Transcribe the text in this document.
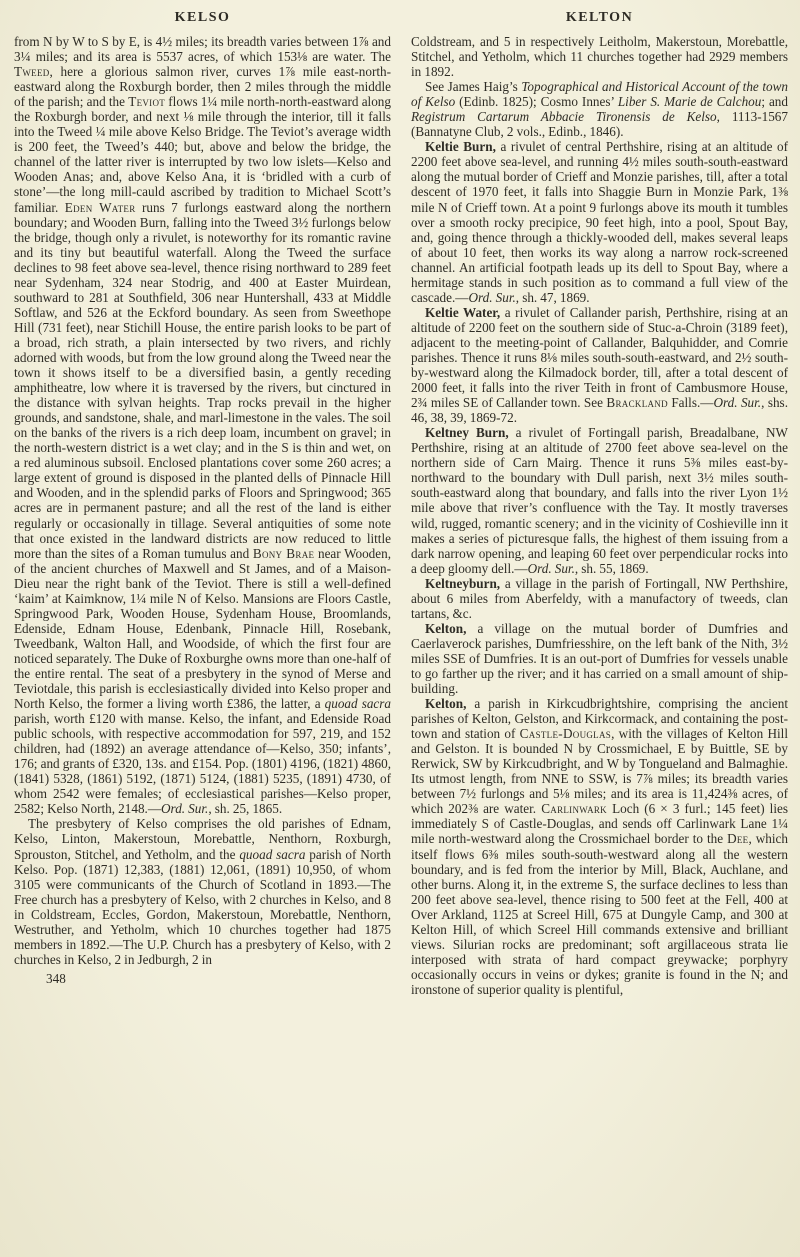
KELSO

from N by W to S by E, is 4½ miles; its breadth varies between 1⅞ and 3¼ miles; and its area is 5537 acres, of which 153⅛ are water. The Tweed, here a glorious salmon river, curves 1⅞ mile east-north-eastward along the Roxburgh border, then 2 miles through the middle of the parish; and the Teviot flows 1¼ mile north-north-eastward along the Roxburgh border, and next ⅛ mile through the interior, till it falls into the Tweed ¼ mile above Kelso Bridge. The Teviot’s average width is 200 feet, the Tweed’s 440; but, above and below the bridge, the channel of the latter river is interrupted by two low islets—Kelso and Wooden Anas; and, above Kelso Ana, it is ‘bridled with a curb of stone’—the long mill-cauld ascribed by tradition to Michael Scott’s familiar. Eden Water runs 7 furlongs eastward along the northern boundary; and Wooden Burn, falling into the Tweed 3½ furlongs below the bridge, though only a rivulet, is noteworthy for its romantic ravine and its tiny but beautiful waterfall. Along the Tweed the surface declines to 98 feet above sea-level, thence rising northward to 289 feet near Sydenham, 324 near Stodrig, and 400 at Easter Muirdean, southward to 281 at Southfield, 306 near Huntershall, 433 at Middle Softlaw, and 526 at the Eckford boundary. As seen from Sweethope Hill (731 feet), near Stichill House, the entire parish looks to be part of a broad, rich strath, a plain intersected by two rivers, and richly adorned with woods, but from the low ground along the Tweed near the town it shows itself to be a diversified basin, a gently receding amphitheatre, low where it is traversed by the rivers, but cinctured in the distance with sylvan heights. Trap rocks prevail in the higher grounds, and sandstone, shale, and marl-limestone in the vales. The soil on the banks of the rivers is a rich deep loam, incumbent on gravel; in the north-western district is a wet clay; and in the S is thin and wet, on a red aluminous subsoil. Enclosed plantations cover some 260 acres; a large extent of ground is disposed in the planted dells of Pinnacle Hill and Wooden, and in the splendid parks of Floors and Springwood; 365 acres are in permanent pasture; and all the rest of the land is either regularly or occasionally in tillage. Several antiquities of some note that once existed in the landward districts are now reduced to little more than the sites of a Roman tumulus and Bony Brae near Wooden, of the ancient churches of Maxwell and St James, and of a Maison-Dieu near the right bank of the Teviot. There is still a well-defined ‘kaim’ at Kaimknow, 1¼ mile N of Kelso. Mansions are Floors Castle, Springwood Park, Wooden House, Sydenham House, Broomlands, Edenside, Ednam House, Edenbank, Pinnacle Hill, Rosebank, Tweedbank, Walton Hall, and Woodside, of which the first four are noticed separately. The Duke of Roxburghe owns more than one-half of the entire rental. The seat of a presbytery in the synod of Merse and Teviotdale, this parish is ecclesiastically divided into Kelso proper and North Kelso, the former a living worth £386, the latter, a quoad sacra parish, worth £120 with manse. Kelso, the infant, and Edenside Road public schools, with respective accommodation for 597, 219, and 152 children, had (1892) an average attendance of—Kelso, 350; infants’, 176; and grants of £320, 13s. and £154. Pop. (1801) 4196, (1821) 4860, (1841) 5328, (1861) 5192, (1871) 5124, (1881) 5235, (1891) 4730, of whom 2542 were females; of ecclesiastical parishes—Kelso proper, 2582; Kelso North, 2148.—Ord. Sur., sh. 25, 1865.

The presbytery of Kelso comprises the old parishes of Ednam, Kelso, Linton, Makerstoun, Morebattle, Nenthorn, Roxburgh, Sprouston, Stitchel, and Yetholm, and the quoad sacra parish of North Kelso. Pop. (1871) 12,383, (1881) 12,061, (1891) 10,950, of whom 3105 were communicants of the Church of Scotland in 1893.—The Free church has a presbytery of Kelso, with 2 churches in Kelso, and 8 in Coldstream, Eccles, Gordon, Makerstoun, Morebattle, Nenthorn, Westruther, and Yetholm, which 10 churches together had 1875 members in 1892.—The U.P. Church has a presbytery of Kelso, with 2 churches in Kelso, 2 in Jedburgh, 2 in

348
KELTON

Coldstream, and 5 in respectively Leitholm, Makerstoun, Morebattle, Stitchel, and Yetholm, which 11 churches together had 2929 members in 1892.

See James Haig’s Topographical and Historical Account of the town of Kelso (Edinb. 1825); Cosmo Innes’ Liber S. Marie de Calchou; and Registrum Cartarum Abbacie Tironensis de Kelso, 1113-1567 (Bannatyne Club, 2 vols., Edinb., 1846).

Keltie Burn, a rivulet of central Perthshire, rising at an altitude of 2200 feet above sea-level, and running 4½ miles south-south-eastward along the mutual border of Crieff and Monzie parishes, till, after a total descent of 1970 feet, it falls into Shaggie Burn in Monzie Park, 1⅜ mile N of Crieff town. At a point 9 furlongs above its mouth it tumbles over a smooth rocky precipice, 90 feet high, into a pool, Spout Bay, and, going thence through a thickly-wooded dell, makes several leaps of about 10 feet, then works its way along a narrow rock-screened channel. An artificial footpath leads up its dell to Spout Bay, where a hermitage stands in such position as to command a full view of the cascade.—Ord. Sur., sh. 47, 1869.

Keltie Water, a rivulet of Callander parish, Perthshire, rising at an altitude of 2200 feet on the southern side of Stuc-a-Chroin (3189 feet), adjacent to the meeting-point of Callander, Balquhidder, and Comrie parishes. Thence it runs 8⅛ miles south-south-eastward, and 2½ south-by-westward along the Kilmadock border, till, after a total descent of 2000 feet, it falls into the river Teith in front of Cambusmore House, 2¾ miles SE of Callander town. See Brackland Falls.—Ord. Sur., shs. 46, 38, 39, 1869-72.

Keltney Burn, a rivulet of Fortingall parish, Breadalbane, NW Perthshire, rising at an altitude of 2700 feet above sea-level on the northern side of Carn Mairg. Thence it runs 5⅜ miles east-by-northward to the boundary with Dull parish, next 3½ miles south-south-eastward along that boundary, and falls into the river Lyon 1½ mile above that river’s confluence with the Tay. It mostly traverses wild, rugged, romantic scenery; and in the vicinity of Coshieville inn it makes a series of picturesque falls, the highest of them issuing from a dark narrow opening, and leaping 60 feet over perpendicular rocks into a deep gloomy dell.—Ord. Sur., sh. 55, 1869.

Keltneyburn, a village in the parish of Fortingall, NW Perthshire, about 6 miles from Aberfeldy, with a manufactory of tweeds, clan tartans, &c.

Kelton, a village on the mutual border of Dumfries and Caerlaverock parishes, Dumfriesshire, on the left bank of the Nith, 3½ miles SSE of Dumfries. It is an out-port of Dumfries for vessels unable to go farther up the river; and it has carried on a small amount of ship-building.

Kelton, a parish in Kirkcudbrightshire, comprising the ancient parishes of Kelton, Gelston, and Kirkcormack, and containing the post-town and station of Castle-Douglas, with the villages of Kelton Hill and Gelston. It is bounded N by Crossmichael, E by Buittle, SE by Rerwick, SW by Kirkcudbright, and W by Tongueland and Balmaghie. Its utmost length, from NNE to SSW, is 7⅞ miles; its breadth varies between 7½ furlongs and 5⅛ miles; and its area is 11,424⅜ acres, of which 202⅜ are water. Carlinwark Loch (6 × 3 furl.; 145 feet) lies immediately S of Castle-Douglas, and sends off Carlinwark Lane 1¼ mile north-westward along the Crossmichael border to the Dee, which itself flows 6⅜ miles south-south-westward along all the western boundary, and is fed from the interior by Mill, Black, Auchlane, and other burns. Along it, in the extreme S, the surface declines to less than 200 feet above sea-level, thence rising to 500 feet at the Fell, 400 at Over Arkland, 1125 at Screel Hill, 675 at Dungyle Camp, and 300 at Kelton Hill, of which Screel Hill commands extensive and brilliant views. Silurian rocks are predominant; soft argillaceous strata lie interposed with strata of hard compact greywacke; porphyry occasionally occurs in veins or dykes; granite is found in the N; and ironstone of superior quality is plentiful,
